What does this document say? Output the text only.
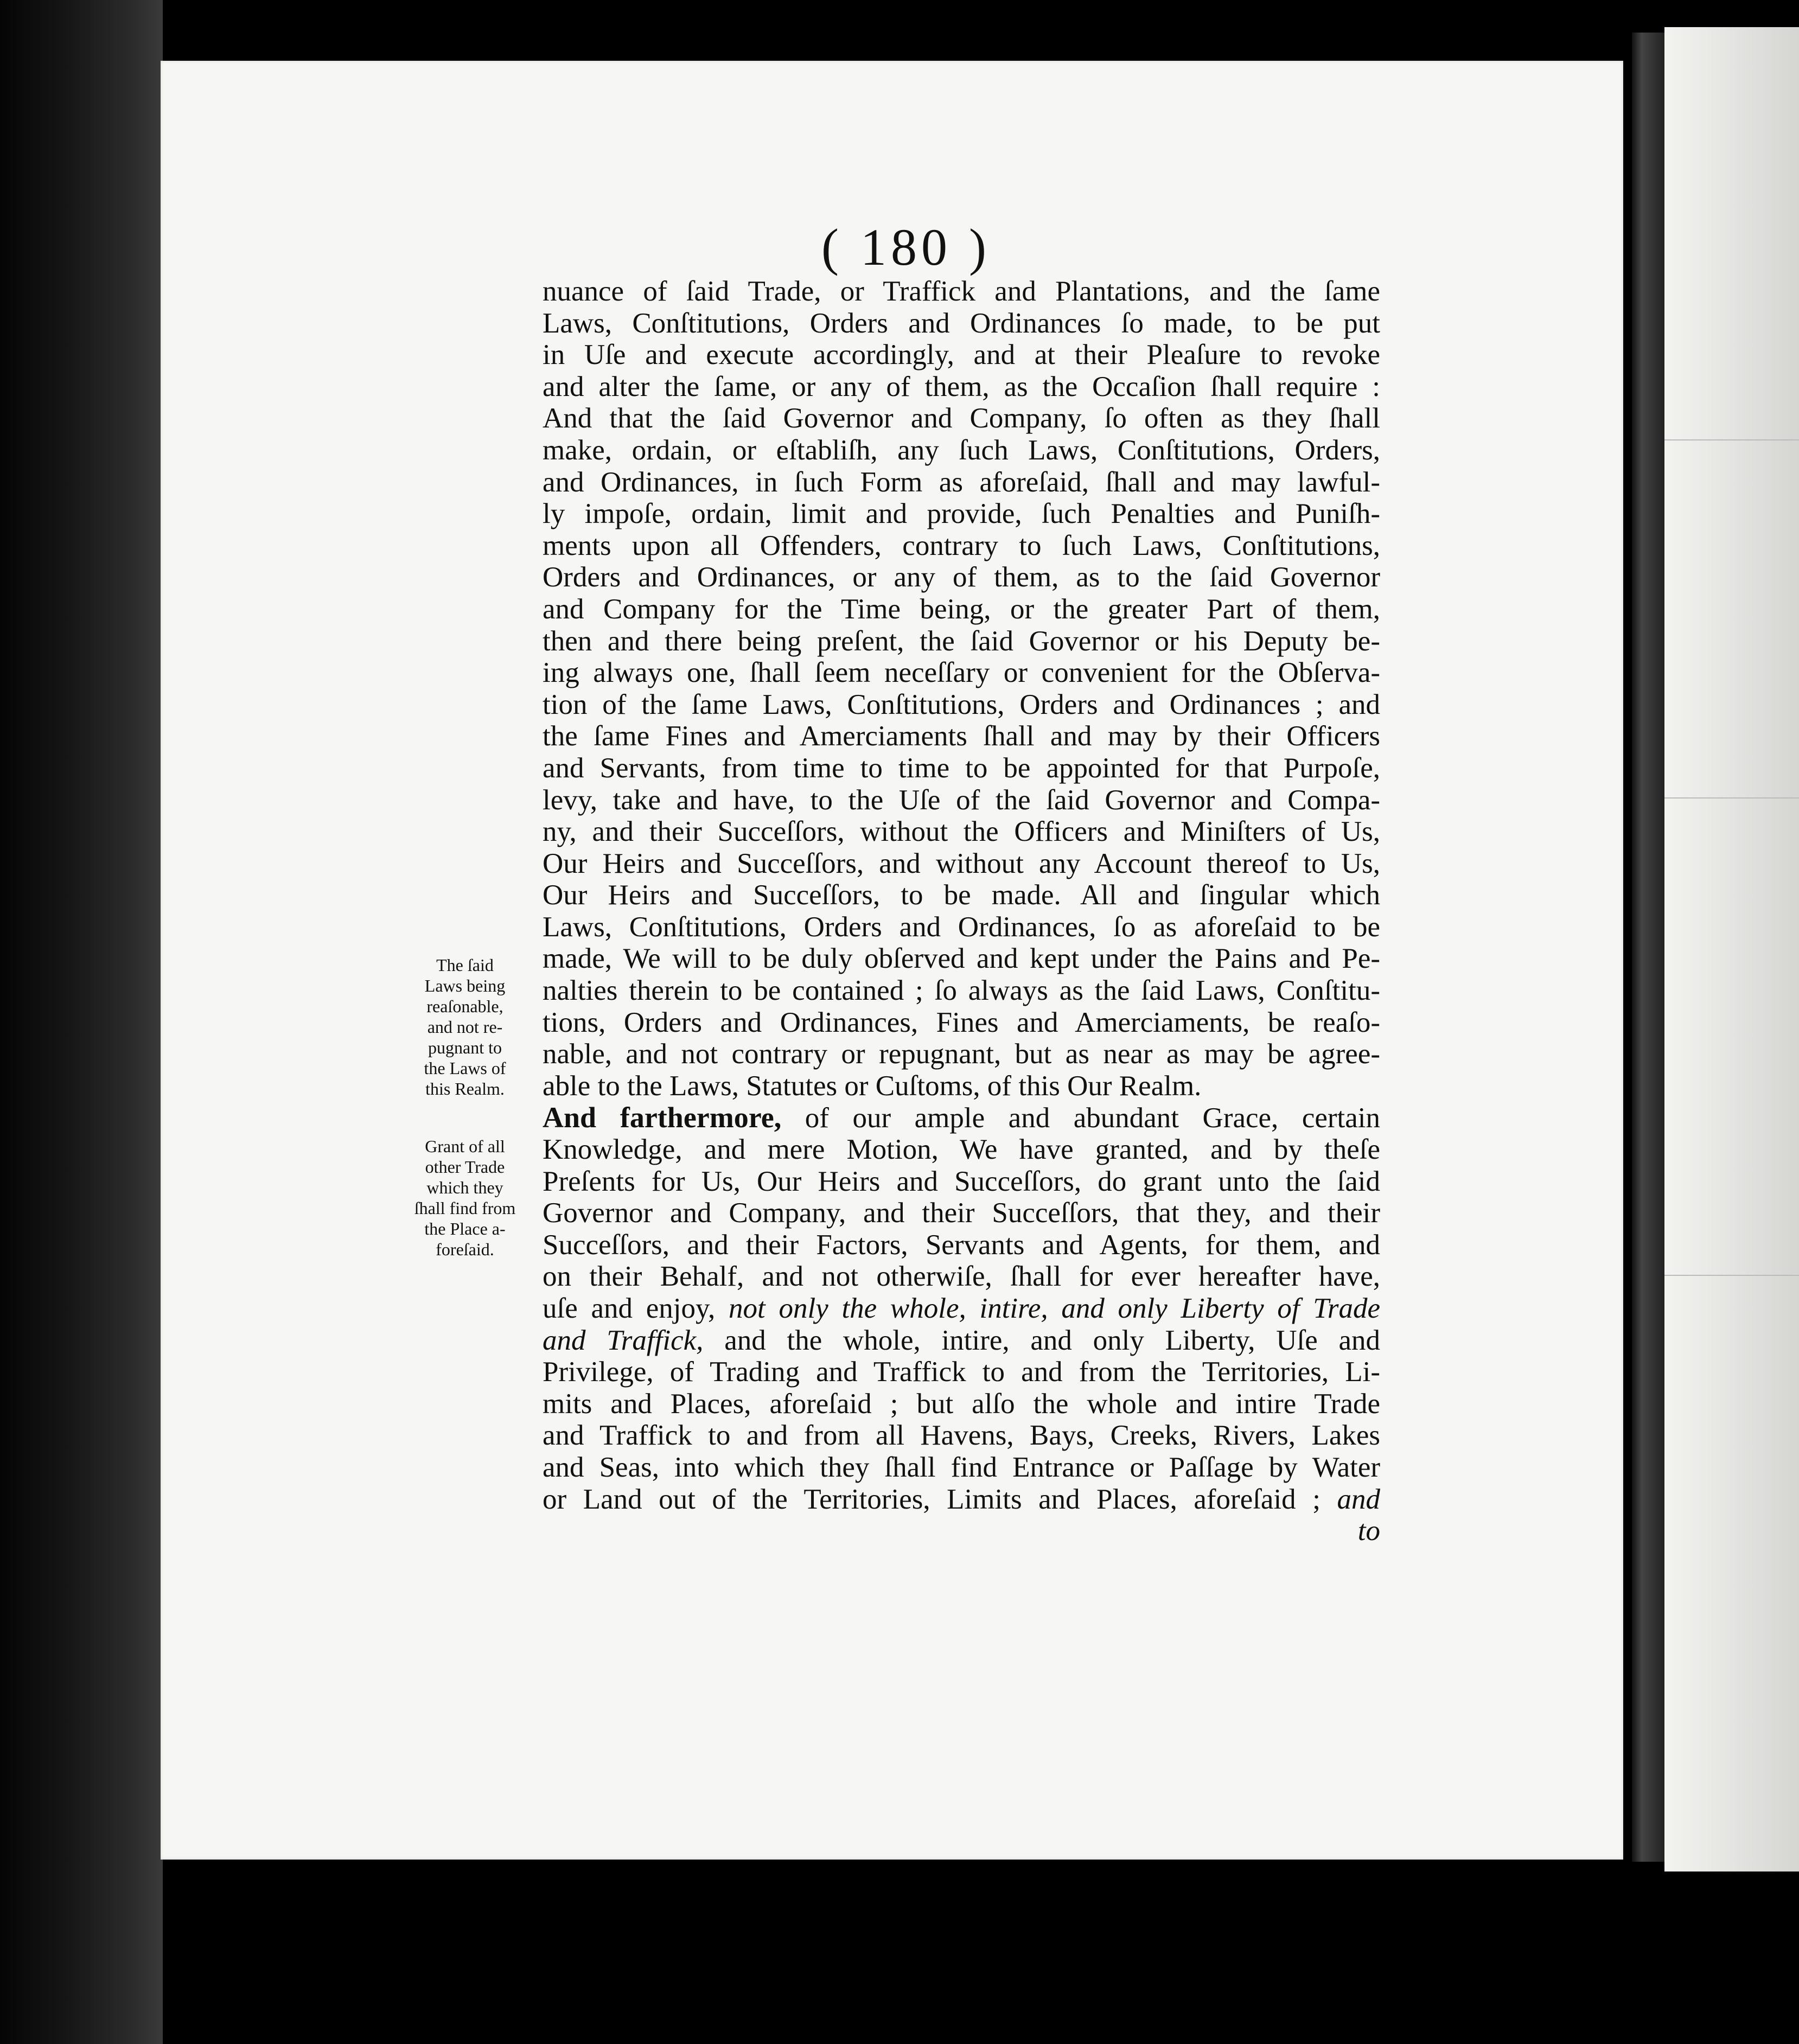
( 180 )
The ſaid
Laws being
reaſonable,
and not re-
pugnant to
the Laws of
this Realm.
Grant of all
other Trade
which they
ſhall find from
the Place a-
foreſaid.
nuance of ſaid Trade, or Traffick and Plantations, and the ſame
Laws, Conſtitutions, Orders and Ordinances ſo made, to be put
in Uſe and execute accordingly, and at their Pleaſure to revoke
and alter the ſame, or any of them, as the Occaſion ſhall require :
And that the ſaid Governor and Company, ſo often as they ſhall
make, ordain, or eſtabliſh, any ſuch Laws, Conſtitutions, Orders,
and Ordinances, in ſuch Form as aforeſaid, ſhall and may lawful-
ly impoſe, ordain, limit and provide, ſuch Penalties and Puniſh-
ments upon all Offenders, contrary to ſuch Laws, Conſtitutions,
Orders and Ordinances, or any of them, as to the ſaid Governor
and Company for the Time being, or the greater Part of them,
then and there being preſent, the ſaid Governor or his Deputy be-
ing always one, ſhall ſeem neceſſary or convenient for the Obſerva-
tion of the ſame Laws, Conſtitutions, Orders and Ordinances ; and
the ſame Fines and Amerciaments ſhall and may by their Officers
and Servants, from time to time to be appointed for that Purpoſe,
levy, take and have, to the Uſe of the ſaid Governor and Compa-
ny, and their Succeſſors, without the Officers and Miniſters of Us,
Our Heirs and Succeſſors, and without any Account thereof to Us,
Our Heirs and Succeſſors, to be made. All and ſingular which
Laws, Conſtitutions, Orders and Ordinances, ſo as aforeſaid to be
made, We will to be duly obſerved and kept under the Pains and Pe-
nalties therein to be contained ; ſo always as the ſaid Laws, Conſtitu-
tions, Orders and Ordinances, Fines and Amerciaments, be reaſo-
nable, and not contrary or repugnant, but as near as may be agree-
able to the Laws, Statutes or Cuſtoms, of this Our Realm.
And farthermore, of our ample and abundant Grace, certain
Knowledge, and mere Motion, We have granted, and by theſe
Preſents for Us, Our Heirs and Succeſſors, do grant unto the ſaid
Governor and Company, and their Succeſſors, that they, and their
Succeſſors, and their Factors, Servants and Agents, for them, and
on their Behalf, and not otherwiſe, ſhall for ever hereafter have,
uſe and enjoy, not only the whole, intire, and only Liberty of Trade
and Traffick, and the whole, intire, and only Liberty, Uſe and
Privilege, of Trading and Traffick to and from the Territories, Li-
mits and Places, aforeſaid ; but alſo the whole and intire Trade
and Traffick to and from all Havens, Bays, Creeks, Rivers, Lakes
and Seas, into which they ſhall find Entrance or Paſſage by Water
or Land out of the Territories, Limits and Places, aforeſaid ; and
to
